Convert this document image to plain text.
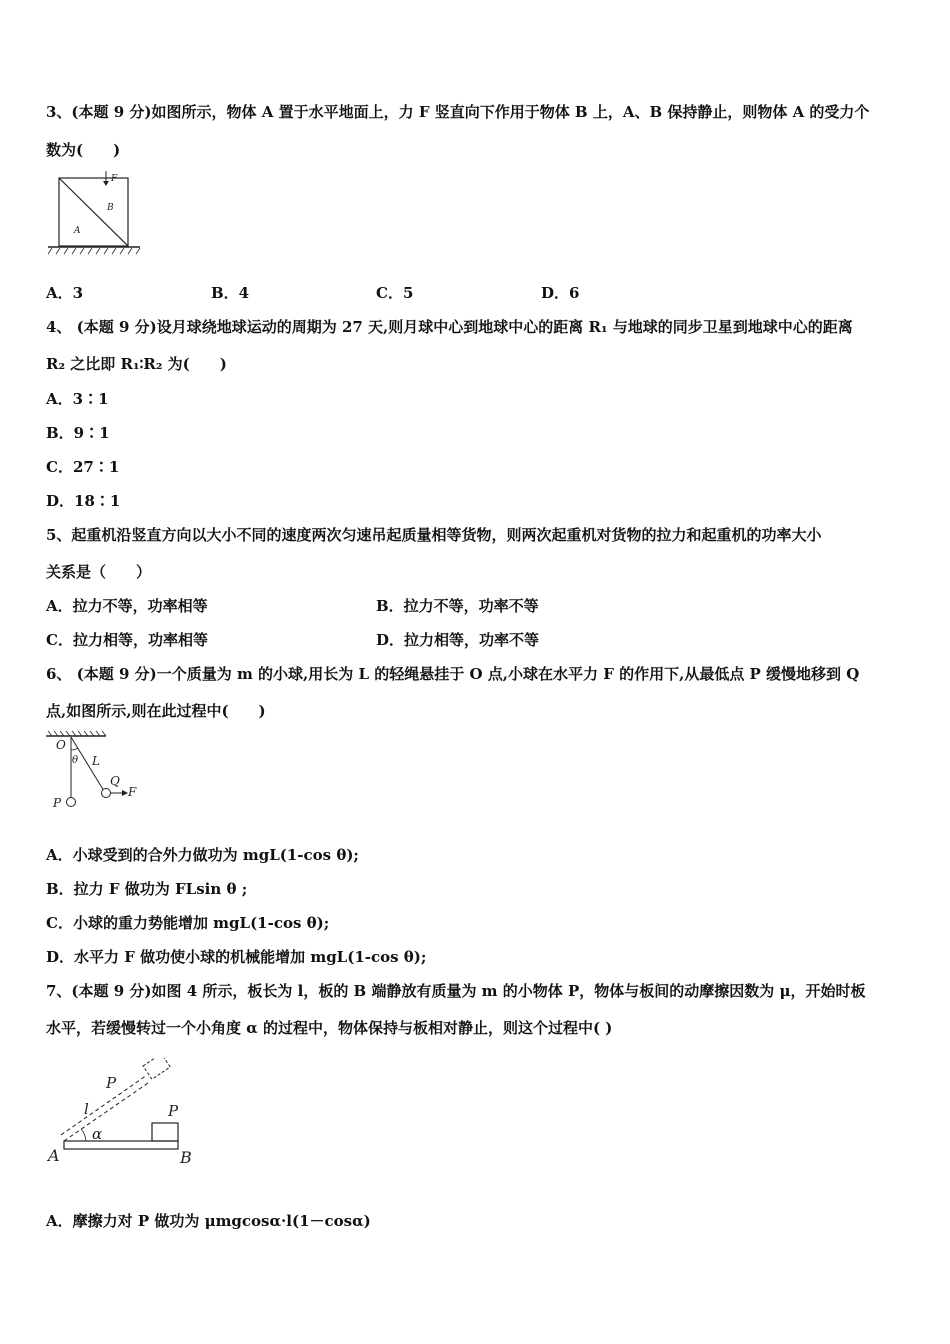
3、(本题 9 分)如图所示，物体 A 置于水平地面上，力 F 竖直向下作用于物体 B 上，A、B 保持静止，则物体 A 的受力个
数为(　　)
F
B
A
A．3	B．4	C．5	D．6
4、 (本题 9 分)设月球绕地球运动的周期为 27 天,则月球中心到地球中心的距离 R₁ 与地球的同步卫星到地球中心的距离
R₂ 之比即 R₁∶R₂ 为(　　)
A．3∶1
B．9∶1
C．27∶1
D．18∶1
5、起重机沿竖直方向以大小不同的速度两次匀速吊起质量相等货物，则两次起重机对货物的拉力和起重机的功率大小
关系是（　　）
A．拉力不等，功率相等	B．拉力不等，功率不等
C．拉力相等，功率相等	D．拉力相等，功率不等
6、 (本题 9 分)一个质量为 m 的小球,用长为 L 的轻绳悬挂于 O 点,小球在水平力 F 的作用下,从最低点 P 缓慢地移到 Q
点,如图所示,则在此过程中(　　)
O
θ L
P
Q
F
A．小球受到的合外力做功为 mgL(1-cos θ);
B．拉力 F 做功为 FLsin θ ;
C．小球的重力势能增加 mgL(1-cos θ);
D．水平力 F 做功使小球的机械能增加 mgL(1-cos θ);
7、(本题 9 分)如图 4 所示，板长为 l，板的 B 端静放有质量为 m 的小物体 P，物体与板间的动摩擦因数为 μ，开始时板
水平，若缓慢转过一个小角度 α 的过程中，物体保持与板相对静止，则这个过程中( )
P
P
l
α
A	B
A．摩擦力对 P 做功为 μmgcosα·l(1－cosα)
